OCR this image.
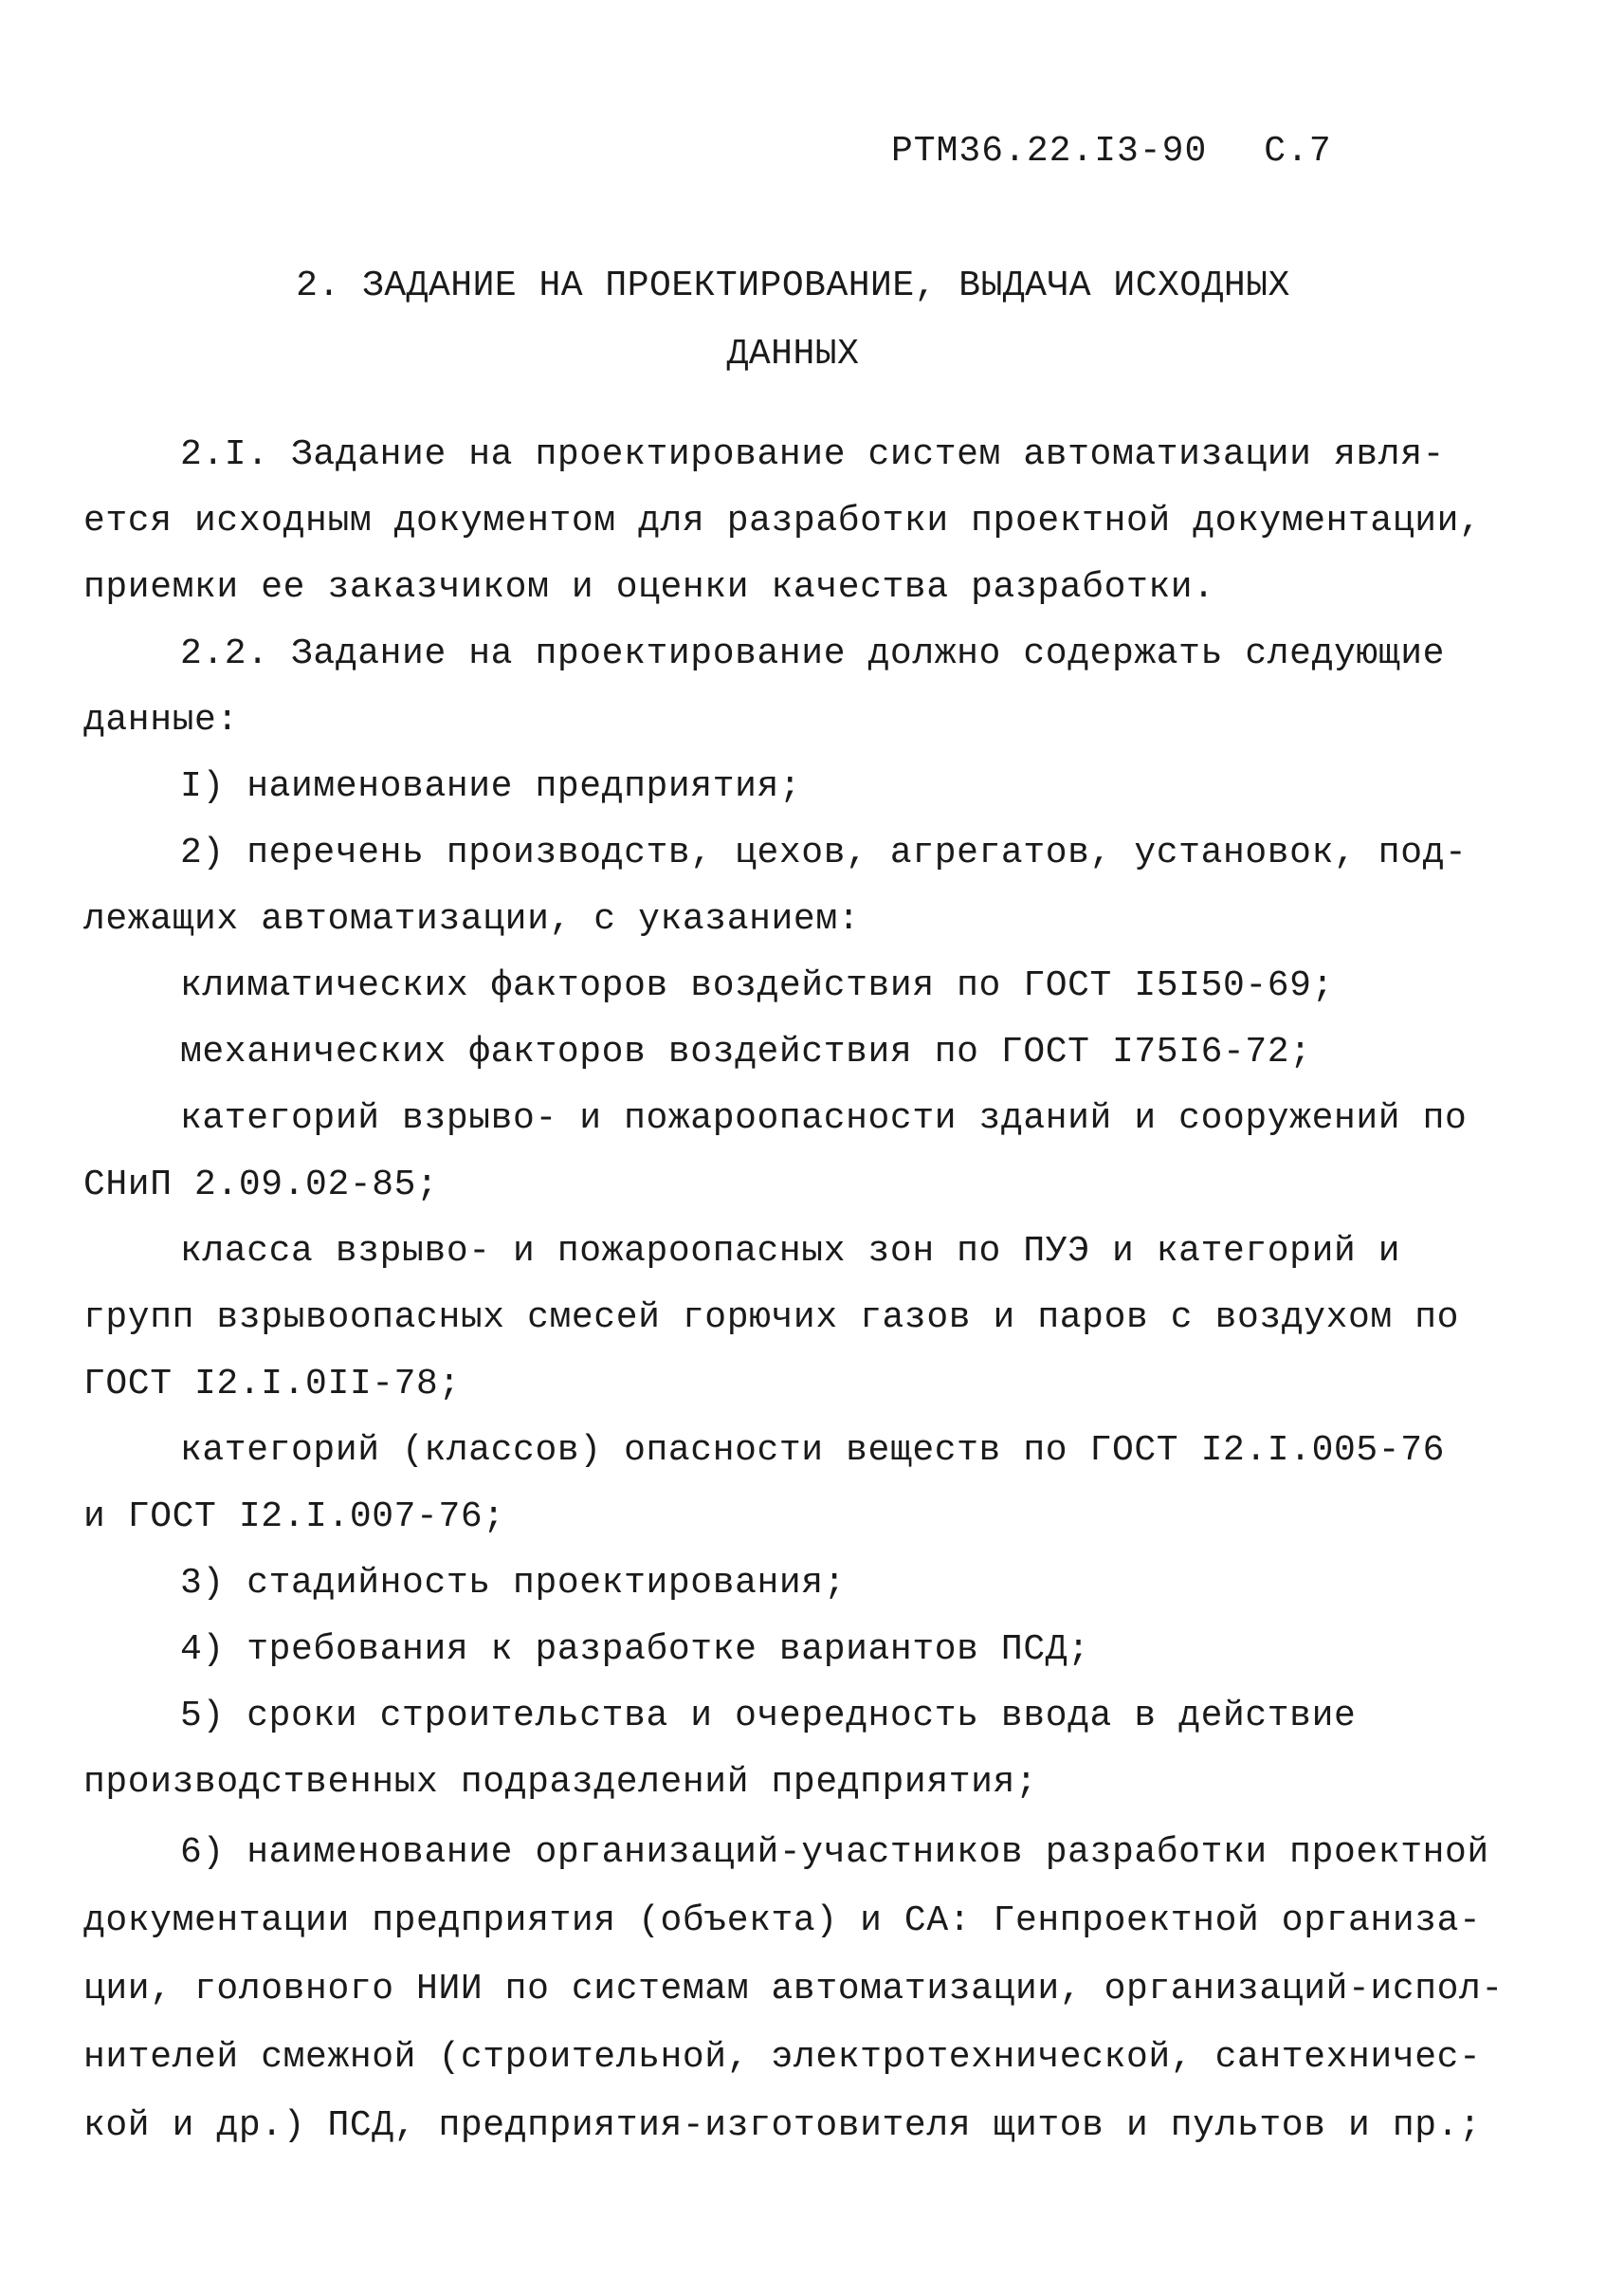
РТМ36.22.I3-90 С.7
2. ЗАДАНИЕ НА ПРОЕКТИРОВАНИЕ, ВЫДАЧА ИСХОДНЫХ
ДАННЫХ
2.I. Задание на проектирование систем автоматизации явля-
ется исходным документом для разработки проектной документации,
приемки ее заказчиком и оценки качества разработки.
2.2. Задание на проектирование должно содержать следующие
данные:
I) наименование предприятия;
2) перечень производств, цехов, агрегатов, установок, под-
лежащих автоматизации, с указанием:
климатических факторов воздействия по ГОСТ I5I50-69;
механических факторов воздействия по ГОСТ I75I6-72;
категорий взрыво- и пожароопасности зданий и сооружений по
СНиП 2.09.02-85;
класса взрыво- и пожароопасных зон по ПУЭ и категорий и
групп взрывоопасных смесей горючих газов и паров с воздухом по
ГОСТ I2.I.0II-78;
категорий (классов) опасности веществ по ГОСТ I2.I.005-76
и ГОСТ I2.I.007-76;
3) стадийность проектирования;
4) требования к разработке вариантов ПСД;
5) сроки строительства и очередность ввода в действие
производственных подразделений предприятия;
6) наименование организаций-участников разработки проектной
документации предприятия (объекта) и СА: Генпроектной организа-
ции, головного НИИ по системам автоматизации, организаций-испол-
нителей смежной (строительной, электротехнической, сантехничес-
кой и др.) ПСД, предприятия-изготовителя щитов и пультов и пр.;
